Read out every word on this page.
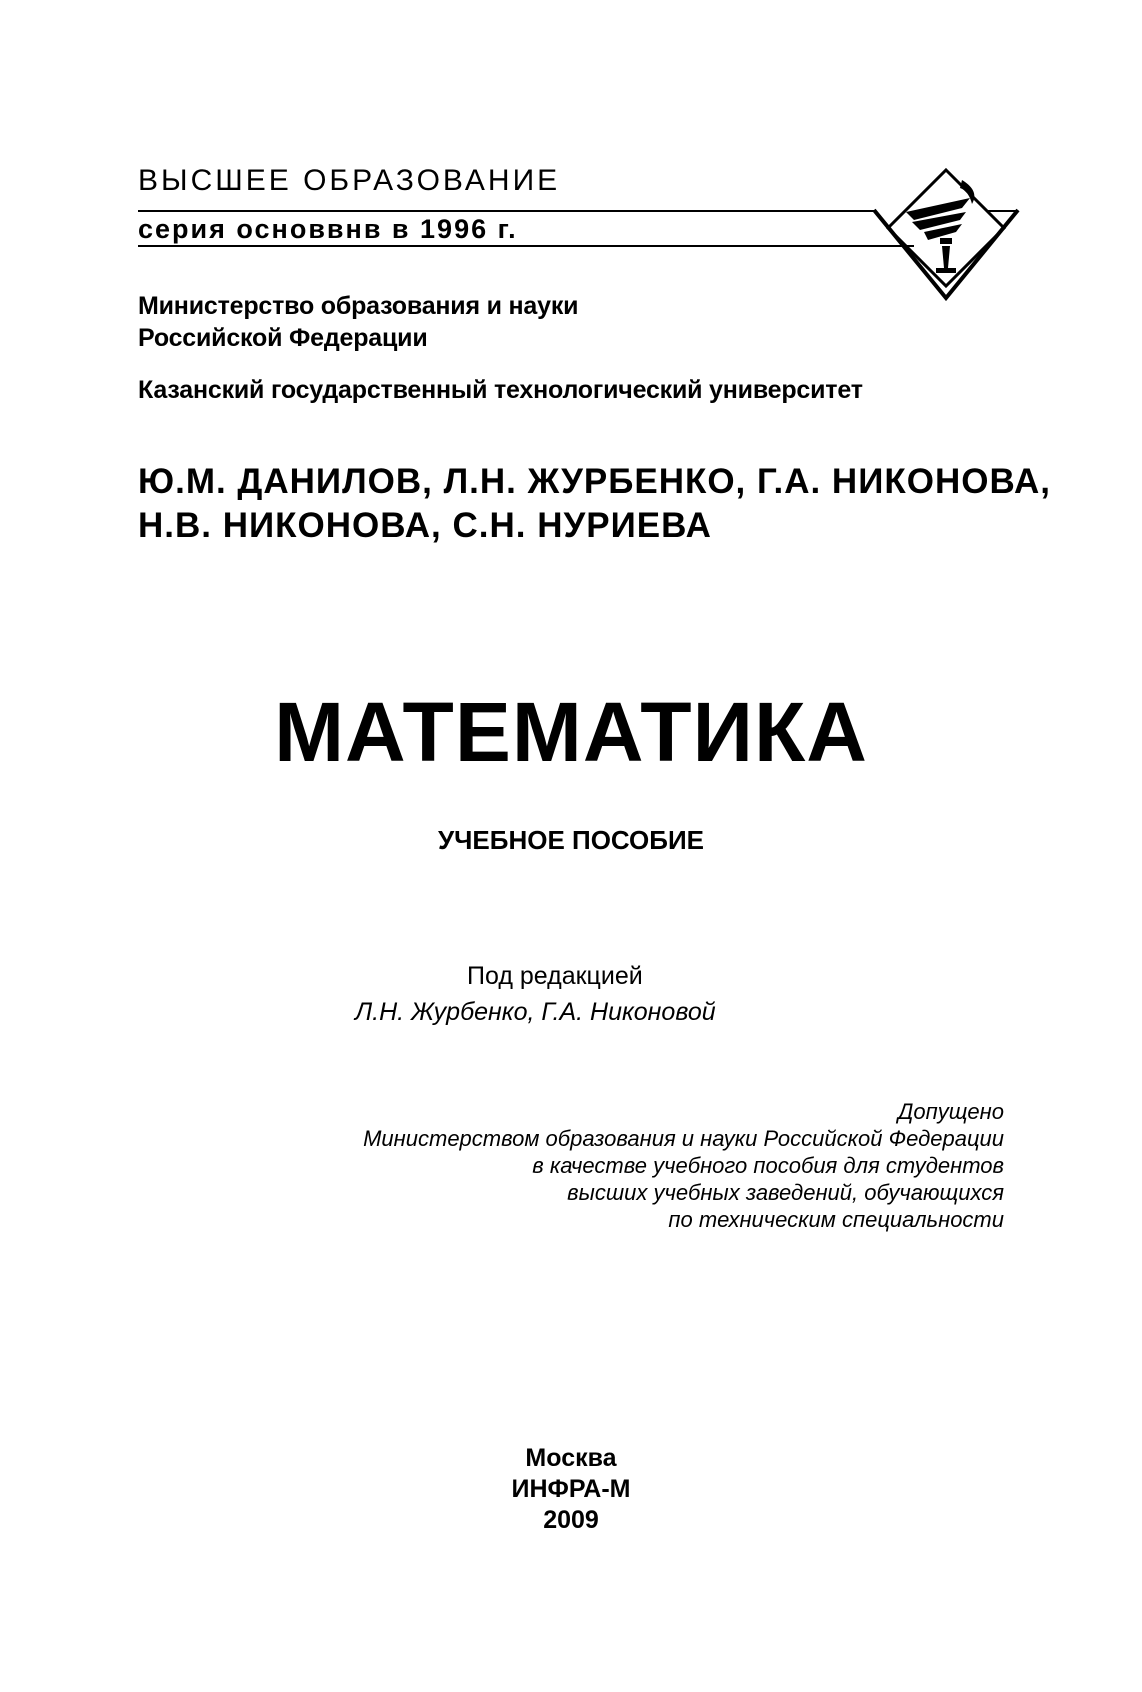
ВЫСШЕЕ ОБРАЗОВАНИЕ
серия основвнв в 1996 г.
Министерство образования и науки
Российской Федерации
Казанский государственный технологический университет
Ю.М. ДАНИЛОВ, Л.Н. ЖУРБЕНКО, Г.А. НИКОНОВА,
Н.В. НИКОНОВА, С.Н. НУРИЕВА
МАТЕМАТИКА
УЧЕБНОЕ ПОСОБИЕ
Под редакцией
Л.Н. Журбенко, Г.А. Никоновой
Допущено
Министерством образования и науки Российской Федерации
в качестве учебного пособия для студентов
высших учебных заведений, обучающихся
по техническим специальности
Москва
ИНФРА-М
2009
